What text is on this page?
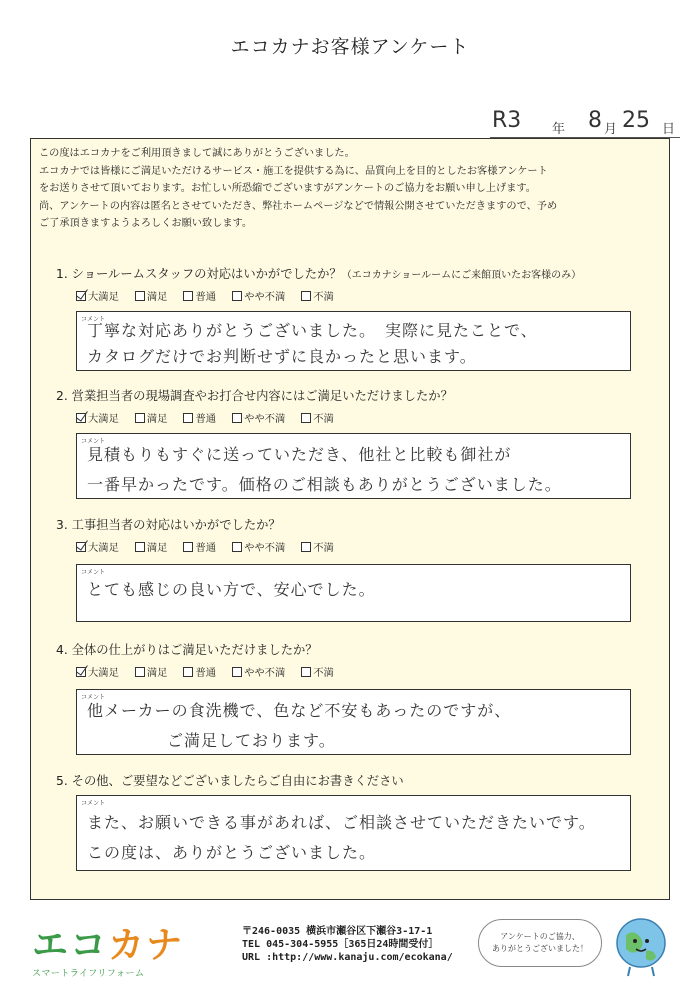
エコカナお客様アンケート
R3 年 8 月 25 日
この度はエコカナをご利用頂きまして誠にありがとうございました。
エコカナでは皆様にご満足いただけるサービス・施工を提供する為に、品質向上を目的としたお客様アンケート
をお送りさせて頂いております。お忙しい所恐縮でございますがアンケートのご協力をお願い申し上げます。
尚、アンケートの内容は匿名とさせていただき、弊社ホームページなどで情報公開させていただきますので、予め
ご了承頂きますようよろしくお願い致します。
1. ショールームスタッフの対応はいかがでしたか？（エコカナショールームにご来館頂いたお客様のみ）
大満足	満足	普通	やや不満	不満
コメント
丁寧な対応ありがとうございました。　実際に見たことで、
カタログだけでお判断せずに良かったと思います。
2. 営業担当者の現場調査やお打合せ内容にはご満足いただけましたか？
大満足	満足	普通	やや不満	不満
コメント
見積もりもすぐに送っていただき、他社と比較も御社が
一番早かったです。価格のご相談もありがとうございました。
3. 工事担当者の対応はいかがでしたか？
大満足	満足	普通	やや不満	不満
コメント
とても感じの良い方で、安心でした。
4. 全体の仕上がりはご満足いただけましたか？
大満足	満足	普通	やや不満	不満
コメント
他メーカーの食洗機で、色など不安もあったのですが、
ご満足しております。
5. その他、ご要望などございましたらご自由にお書きください
コメント
また、お願いできる事があれば、ご相談させていただきたいです。
この度は、ありがとうございました。
エコカナ
スマートライフリフォーム
〒246-0035 横浜市瀬谷区下瀬谷3-17-1
TEL 045-304-5955［365日24時間受付］
URL :http://www.kanaju.com/ecokana/
アンケートのご協力、
ありがとうございました！
